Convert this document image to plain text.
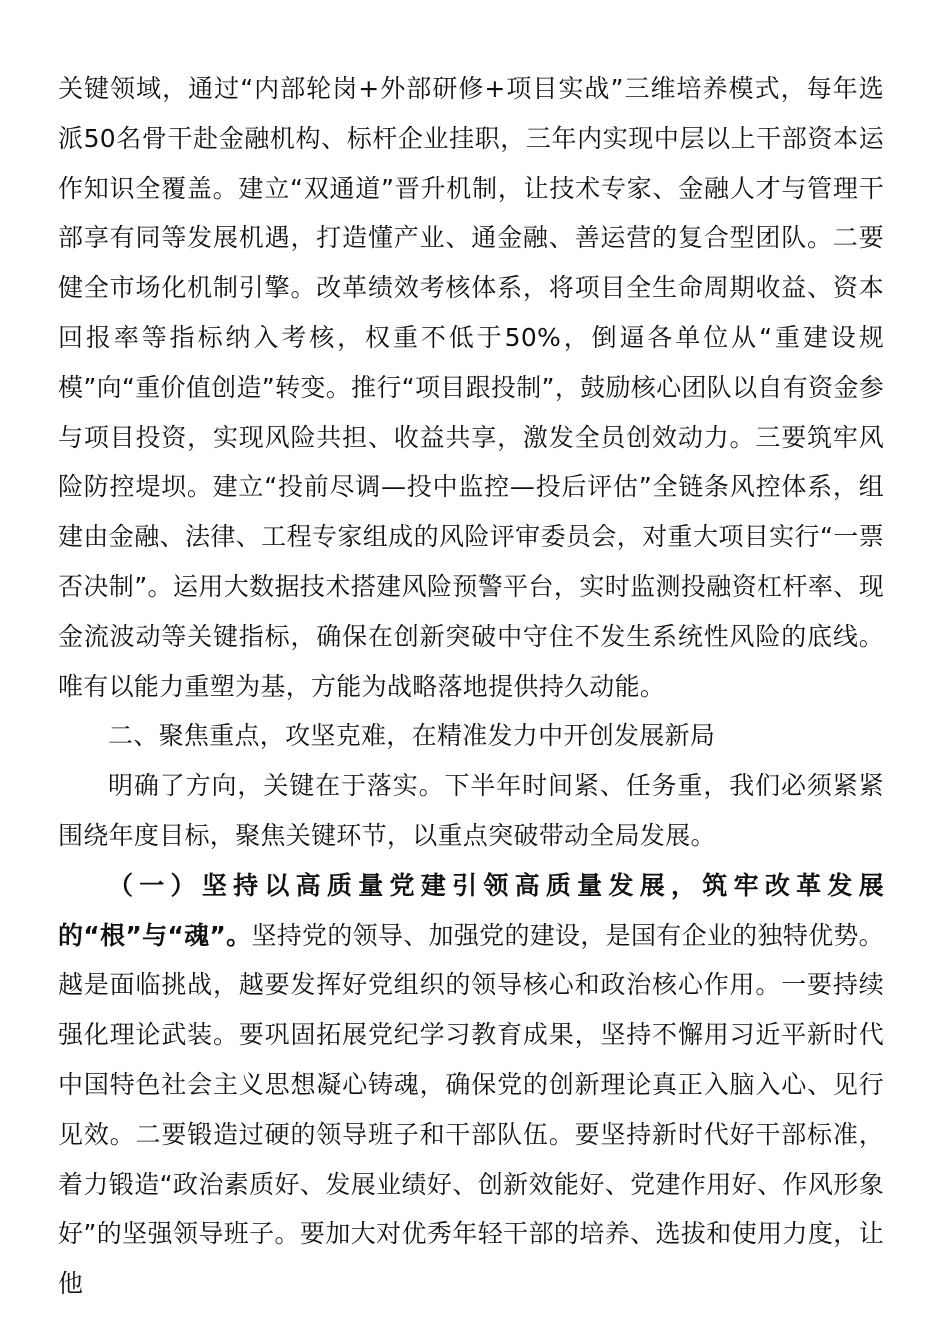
关键领域，通过“内部轮岗+外部研修+项目实战”三维培养模式，每年选派50名骨干赴金融机构、标杆企业挂职，三年内实现中层以上干部资本运作知识全覆盖。建立“双通道”晋升机制，让技术专家、金融人才与管理干部享有同等发展机遇，打造懂产业、通金融、善运营的复合型团队。二要健全市场化机制引擎。改革绩效考核体系，将项目全生命周期收益、资本回报率等指标纳入考核，权重不低于50%，倒逼各单位从“重建设规模”向“重价值创造”转变。推行“项目跟投制”，鼓励核心团队以自有资金参与项目投资，实现风险共担、收益共享，激发全员创效动力。三要筑牢风险防控堤坝。建立“投前尽调—投中监控—投后评估”全链条风控体系，组建由金融、法律、工程专家组成的风险评审委员会，对重大项目实行“一票否决制”。运用大数据技术搭建风险预警平台，实时监测投融资杠杆率、现金流波动等关键指标，确保在创新突破中守住不发生系统性风险的底线。唯有以能力重塑为基，方能为战略落地提供持久动能。

二、聚焦重点，攻坚克难，在精准发力中开创发展新局

明确了方向，关键在于落实。下半年时间紧、任务重，我们必须紧紧围绕年度目标，聚焦关键环节，以重点突破带动全局发展。

（一）坚持以高质量党建引领高质量发展，筑牢改革发展的“根”与“魂”。坚持党的领导、加强党的建设，是国有企业的独特优势。越是面临挑战，越要发挥好党组织的领导核心和政治核心作用。一要持续强化理论武装。要巩固拓展党纪学习教育成果，坚持不懈用习近平新时代中国特色社会主义思想凝心铸魂，确保党的创新理论真正入脑入心、见行见效。二要锻造过硬的领导班子和干部队伍。要坚持新时代好干部标准，着力锻造“政治素质好、发展业绩好、创新效能好、党建作用好、作风形象好”的坚强领导班子。要加大对优秀年轻干部的培养、选拔和使用力度，让他
